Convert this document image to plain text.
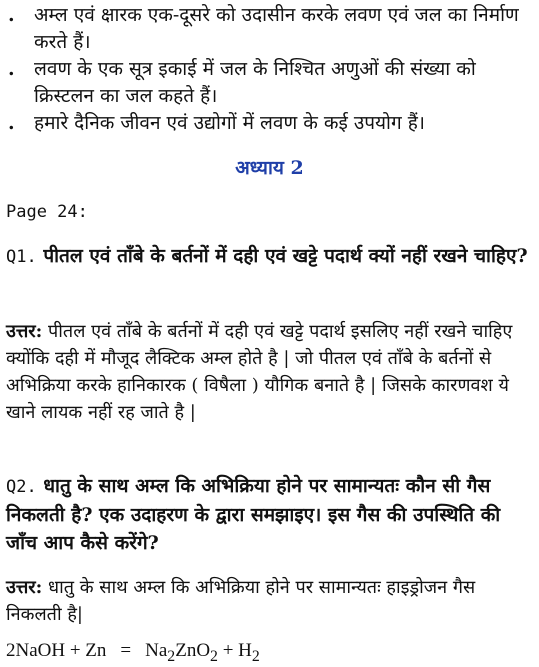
.	अम्ल एवं क्षारक एक-दूसरे को उदासीन करके लवण एवं जल का निर्माण करते हैं।
.	लवण के एक सूत्र इकाई में जल के निश्चित अणुओं की संख्या को क्रिस्टलन का जल कहते हैं।
.	हमारे दैनिक जीवन एवं उद्योगों में लवण के कई उपयोग हैं।
अध्याय 2
Page 24:
Q1. पीतल एवं ताँबे के बर्तनों में दही एवं खट्टे पदार्थ क्यों नहीं रखने चाहिए?
उत्तर: पीतल एवं ताँबे के बर्तनों में दही एवं खट्टे पदार्थ इसलिए नहीं रखने चाहिए क्योंकि दही में मौजूद लैक्टिक अम्ल होते है | जो पीतल एवं ताँबे के बर्तनों से अभिक्रिया करके हानिकारक ( विषैला ) यौगिक बनाते है | जिसके कारणवश ये खाने लायक नहीं रह जाते है |
Q2. धातु के साथ अम्ल कि अभिक्रिया होने पर सामान्यतः कौन सी गैस निकलती है? एक उदाहरण के द्वारा समझाइए। इस गैस की उपस्थिति की जाँच आप कैसे करेंगे?
उत्तर: धातु के साथ अम्ल कि अभिक्रिया होने पर सामान्यतः हाइड्रोजन गैस निकलती है|
2NaOH + $Zn = Na_2ZnO_2 + H_2$
